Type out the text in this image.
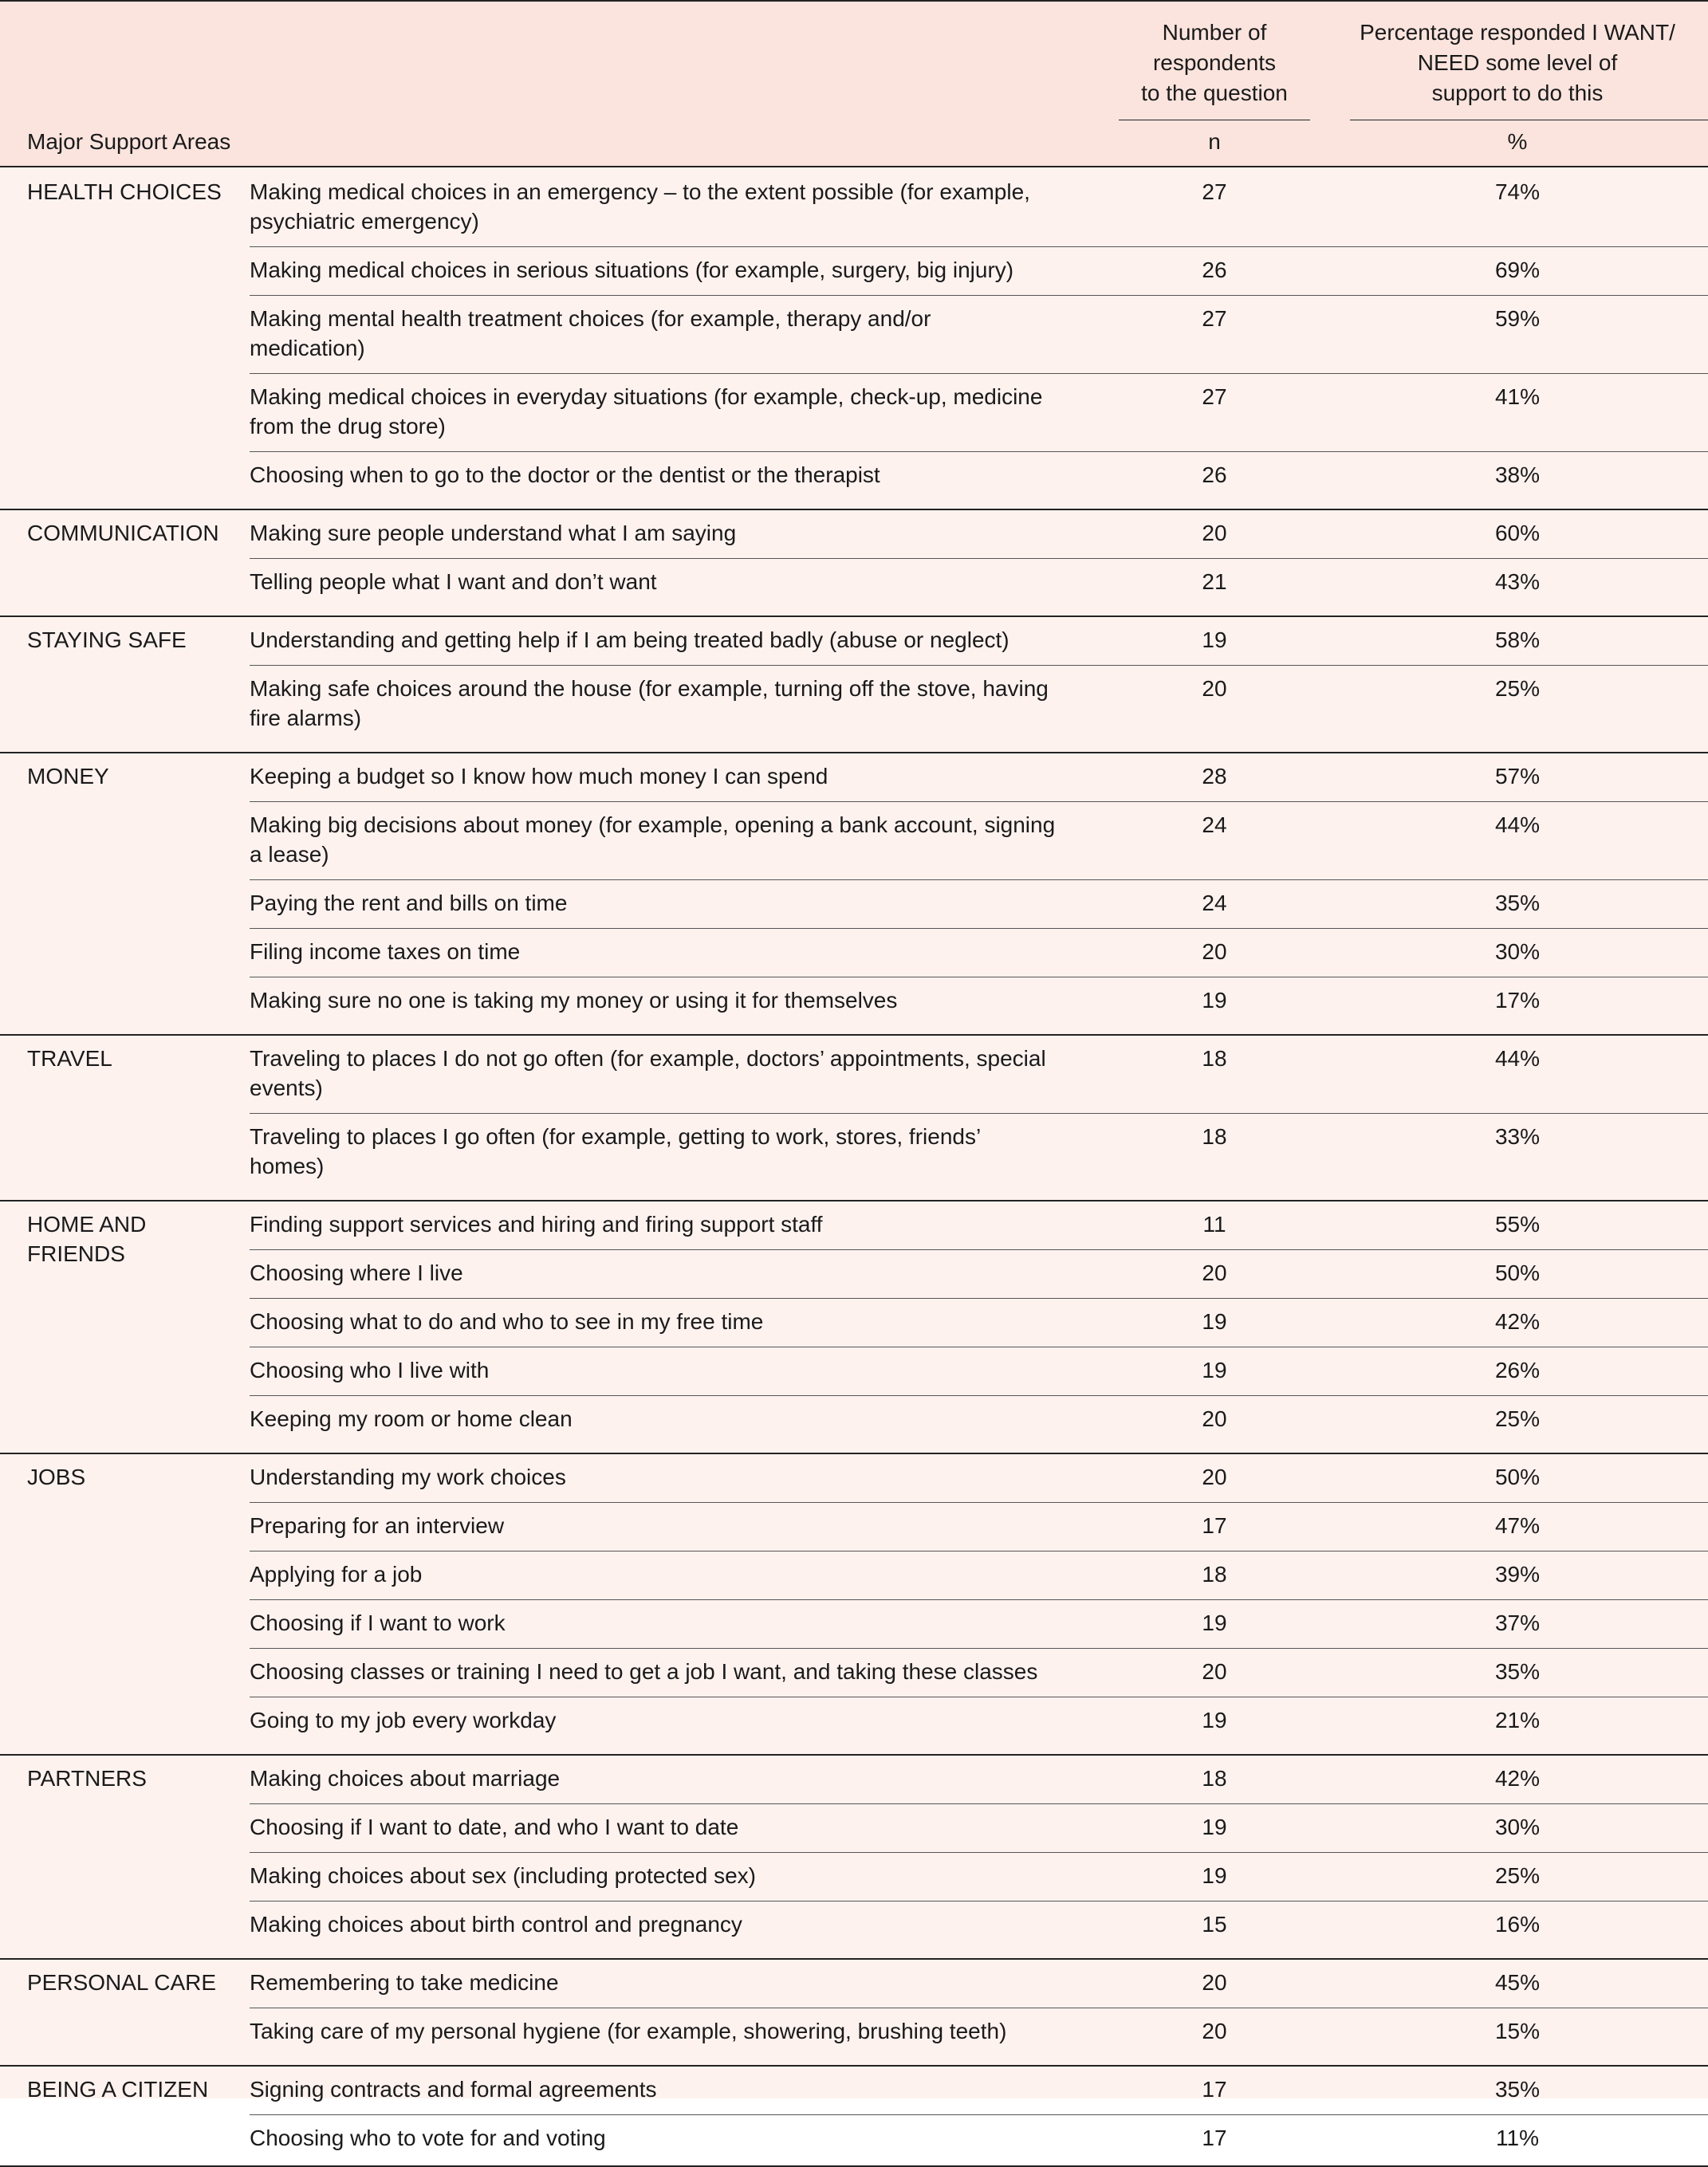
Major Support Areas
Number of
respondents
to the question
Percentage responded I WANT/
NEED some level of
support to do this
n	%
HEALTH CHOICES	Making medical choices in an emergency – to the extent possible (for example,
psychiatric emergency)
27	74%
Making medical choices in serious situations (for example, surgery, big injury)	26	69%
Making mental health treatment choices (for example, therapy and/or
medication)
27	59%
Making medical choices in everyday situations (for example, check-up, medicine
from the drug store)
27	41%
Choosing when to go to the doctor or the dentist or the therapist	26	38%
COMMUNICATION	Making sure people understand what I am saying	20	60%
Telling people what I want and don’t want	21	43%
STAYING SAFE	Understanding and getting help if I am being treated badly (abuse or neglect)	19	58%
Making safe choices around the house (for example, turning off the stove, having
fire alarms)
20	25%
MONEY	Keeping a budget so I know how much money I can spend	28	57%
Making big decisions about money (for example, opening a bank account, signing
a lease)
24	44%
Paying the rent and bills on time	24	35%
Filing income taxes on time	20	30%
Making sure no one is taking my money or using it for themselves	19	17%
TRAVEL	Traveling to places I do not go often (for example, doctors’ appointments, special
events)
18	44%
Traveling to places I go often (for example, getting to work, stores, friends’
homes)
18	33%
HOME AND
FRIENDS
Finding support services and hiring and firing support staff	11	55%
Choosing where I live	20	50%
Choosing what to do and who to see in my free time	19	42%
Choosing who I live with	19	26%
Keeping my room or home clean	20	25%
JOBS	Understanding my work choices	20	50%
Preparing for an interview	17	47%
Applying for a job	18	39%
Choosing if I want to work	19	37%
Choosing classes or training I need to get a job I want, and taking these classes	20	35%
Going to my job every workday	19	21%
PARTNERS	Making choices about marriage	18	42%
Choosing if I want to date, and who I want to date	19	30%
Making choices about sex (including protected sex)	19	25%
Making choices about birth control and pregnancy	15	16%
PERSONAL CARE	Remembering to take medicine	20	45%
Taking care of my personal hygiene (for example, showering, brushing teeth)	20	15%
BEING A CITIZEN	Signing contracts and formal agreements	17	35%
Choosing who to vote for and voting	17	11%
